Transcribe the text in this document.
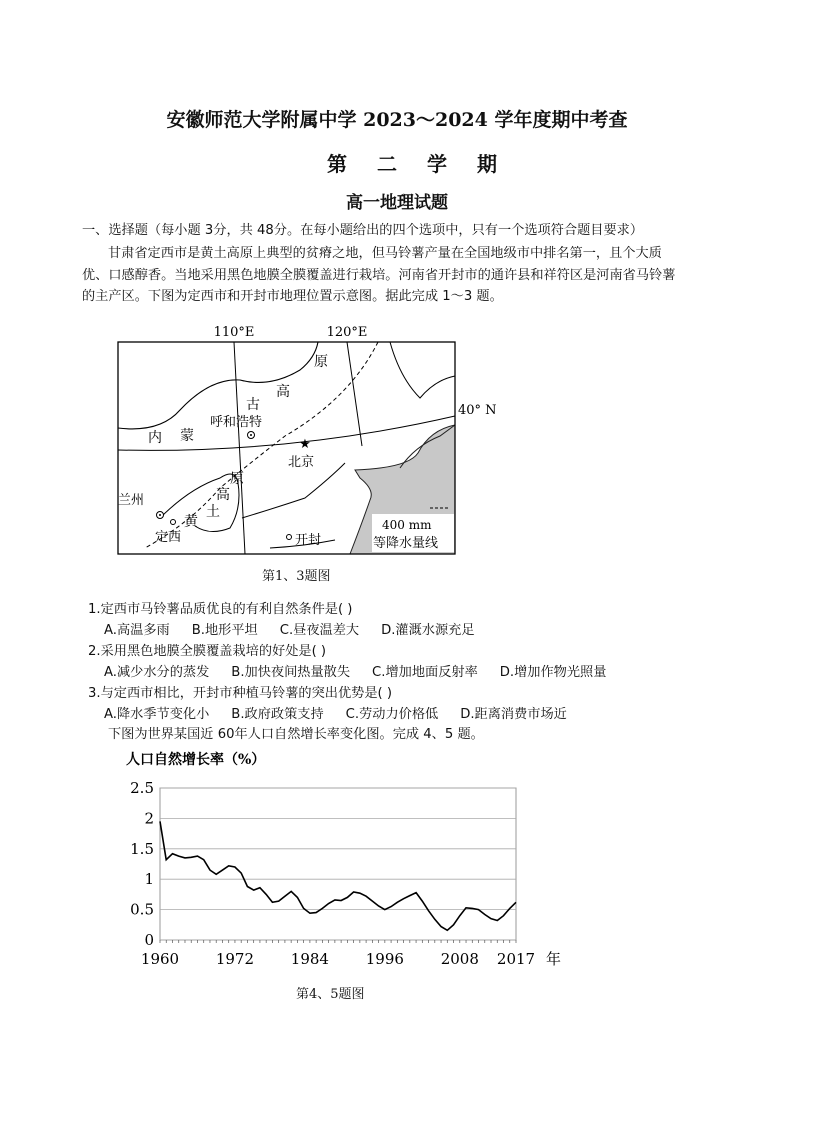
安徽师范大学附属中学 2023～2024 学年度期中考查
第二学期
高一地理试题
一、选择题（每小题 3分，共 48分。在每小题给出的四个选项中，只有一个选项符合题目要求）
甘肃省定西市是黄土高原上典型的贫瘠之地，但马铃薯产量在全国地级市中排名第一，且个大质
优、口感醇香。当地采用黑色地膜全膜覆盖进行栽培。河南省开封市的通许县和祥符区是河南省马铃薯
的主产区。下图为定西市和开封市地理位置示意图。据此完成 1～3 题。
★
110°E	120°E
40° N
原
高
古
呼和浩特
内 蒙
北京
兰州	高
原
土
黄
定西	开封
400 mm
等降水量线
第1、3题图
1.定西市马铃薯品质优良的有利自然条件是( )
A.高温多雨 B.地形平坦 C.昼夜温差大 D.灌溉水源充足
2.采用黑色地膜全膜覆盖栽培的好处是( )
A.减少水分的蒸发 B.加快夜间热量散失 C.增加地面反射率 D.增加作物光照量
3.与定西市相比，开封市种植马铃薯的突出优势是( )
A.降水季节变化小 B.政府政策支持 C.劳动力价格低 D.距离消费市场近
下图为世界某国近 60年人口自然增长率变化图。完成 4、5 题。
人口自然增长率（%）
0
0.5
1
1.5
2
2.5
1960 1972 1984 1996 2008 2017 年
第4、5题图
